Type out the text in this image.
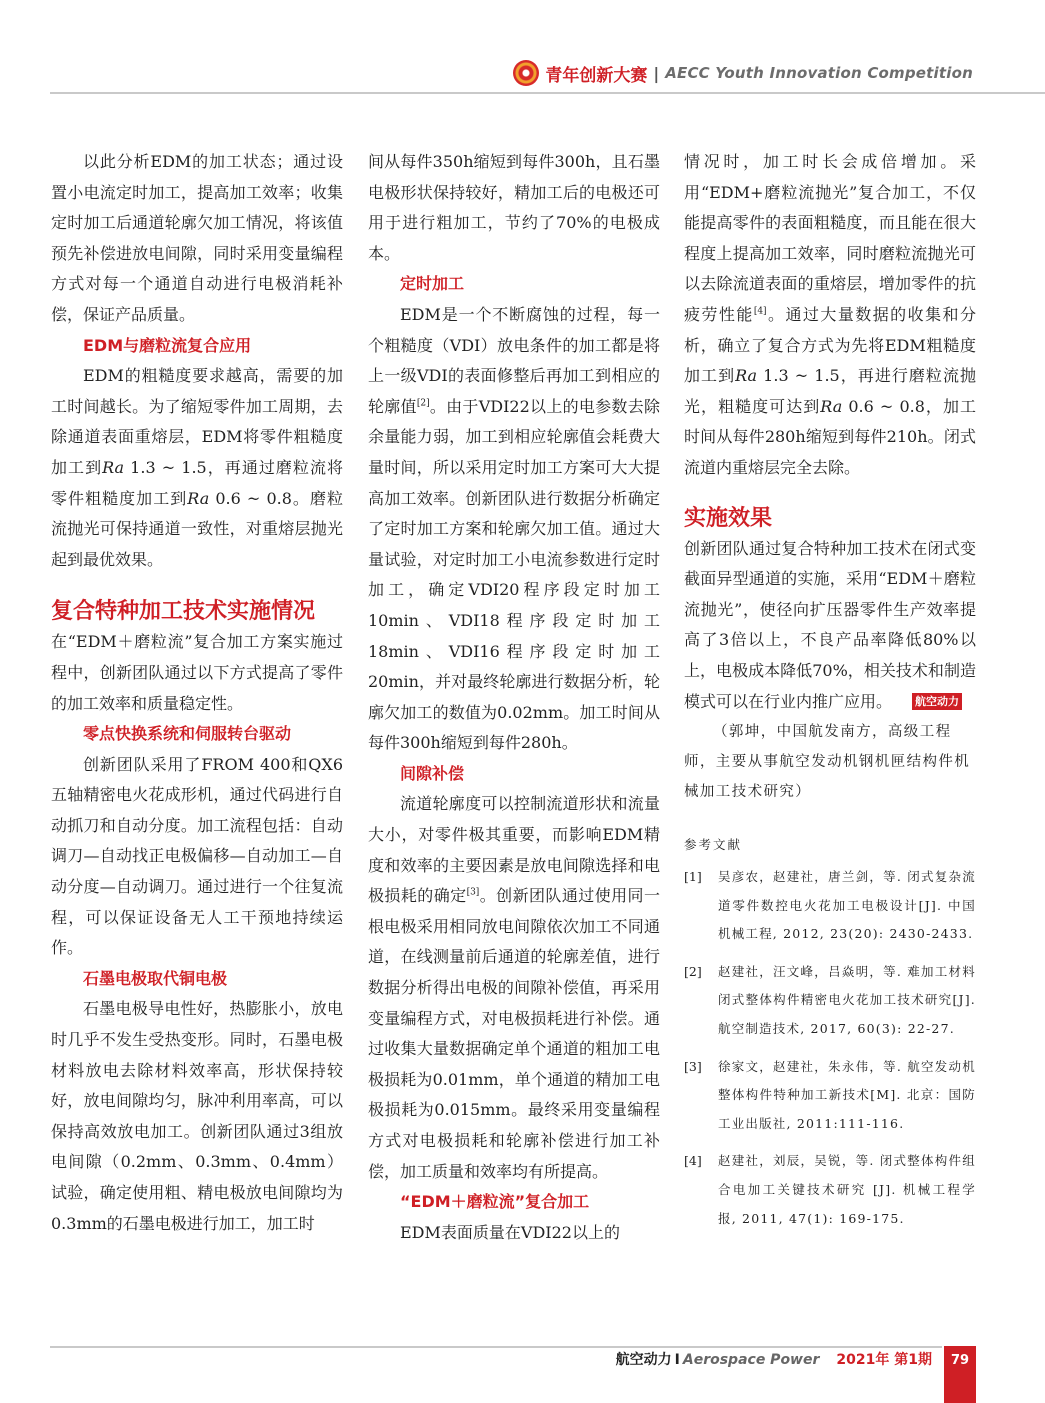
青年创新大赛 | AECC Youth Innovation Competition

以此分析EDM的加工状态；通过设置小电流定时加工，提高加工效率；收集定时加工后通道轮廓欠加工情况，将该值预先补偿进放电间隙，同时采用变量编程方式对每一个通道自动进行电极消耗补偿，保证产品质量。

EDM与磨粒流复合应用

EDM的粗糙度要求越高，需要的加工时间越长。为了缩短零件加工周期，去除通道表面重熔层，EDM将零件粗糙度加工到Ra 1.3 ~ 1.5，再通过磨粒流将零件粗糙度加工到Ra 0.6 ~ 0.8。磨粒流抛光可保持通道一致性，对重熔层抛光起到最优效果。

复合特种加工技术实施情况

在“EDM＋磨粒流”复合加工方案实施过程中，创新团队通过以下方式提高了零件的加工效率和质量稳定性。

零点快换系统和伺服转台驱动

创新团队采用了FROM 400和QX6五轴精密电火花成形机，通过代码进行自动抓刀和自动分度。加工流程包括：自动调刀—自动找正电极偏移—自动加工—自动分度—自动调刀。通过进行一个往复流程，可以保证设备无人工干预地持续运作。

石墨电极取代铜电极

石墨电极导电性好，热膨胀小，放电时几乎不发生受热变形。同时，石墨电极材料放电去除材料效率高，形状保持较好，放电间隙均匀，脉冲利用率高，可以保持高效放电加工。创新团队通过3组放电间隙（0.2mm、0.3mm、0.4mm）试验，确定使用粗、精电极放电间隙均为0.3mm的石墨电极进行加工，加工时

间从每件350h缩短到每件300h，且石墨电极形状保持较好，精加工后的电极还可用于进行粗加工，节约了70%的电极成本。

定时加工

EDM是一个不断腐蚀的过程，每一个粗糙度（VDI）放电条件的加工都是将上一级VDI的表面修整后再加工到相应的轮廓值[2]。由于VDI22以上的电参数去除余量能力弱，加工到相应轮廓值会耗费大量时间，所以采用定时加工方案可大大提高加工效率。创新团队进行数据分析确定了定时加工方案和轮廓欠加工值。通过大量试验，对定时加工小电流参数进行定时加工，确定VDI20程序段定时加工10min、VDI18程序段定时加工18min、VDI16程序段定时加工20min，并对最终轮廓进行数据分析，轮廓欠加工的数值为0.02mm。加工时间从每件300h缩短到每件280h。

间隙补偿

流道轮廓度可以控制流道形状和流量大小，对零件极其重要，而影响EDM精度和效率的主要因素是放电间隙选择和电极损耗的确定[3]。创新团队通过使用同一根电极采用相同放电间隙依次加工不同通道，在线测量前后通道的轮廓差值，进行数据分析得出电极的间隙补偿值，再采用变量编程方式，对电极损耗进行补偿。通过收集大量数据确定单个通道的粗加工电极损耗为0.01mm，单个通道的精加工电极损耗为0.015mm。最终采用变量编程方式对电极损耗和轮廓补偿进行加工补偿，加工质量和效率均有所提高。

“EDM＋磨粒流”复合加工

EDM表面质量在VDI22以上的

情况时，加工时长会成倍增加。采用“EDM+磨粒流抛光”复合加工，不仅能提高零件的表面粗糙度，而且能在很大程度上提高加工效率，同时磨粒流抛光可以去除流道表面的重熔层，增加零件的抗疲劳性能[4]。通过大量数据的收集和分析，确立了复合方式为先将EDM粗糙度加工到Ra 1.3 ~ 1.5，再进行磨粒流抛光，粗糙度可达到Ra 0.6 ~ 0.8，加工时间从每件280h缩短到每件210h。闭式流道内重熔层完全去除。

实施效果

创新团队通过复合特种加工技术在闭式变截面异型通道的实施，采用“EDM＋磨粒流抛光”，使径向扩压器零件生产效率提高了3倍以上，不良产品率降低80%以上，电极成本降低70%，相关技术和制造模式可以在行业内推广应用。 航空动力

（郭坤，中国航发南方，高级工程师，主要从事航空发动机钢机匣结构件机械加工技术研究）

参考文献

[1]	吴彦农，赵建社，唐兰剑，等. 闭式复杂流道零件数控电火花加工电极设计[J]. 中国机械工程, 2012, 23(20): 2430-2433.
[2]	赵建社，汪文峰，吕焱明，等. 难加工材料闭式整体构件精密电火花加工技术研究[J]. 航空制造技术, 2017, 60(3): 22-27.
[3]	徐家文，赵建社，朱永伟，等. 航空发动机整体构件特种加工新技术[M]. 北京：国防工业出版社, 2011:111-116.
[4]	赵建社，刘辰，吴锐，等. 闭式整体构件组合电加工关键技术研究 [J]. 机械工程学报, 2011, 47(1): 169-175.
航空动力 I Aerospace Power 2021年 第1期	79
